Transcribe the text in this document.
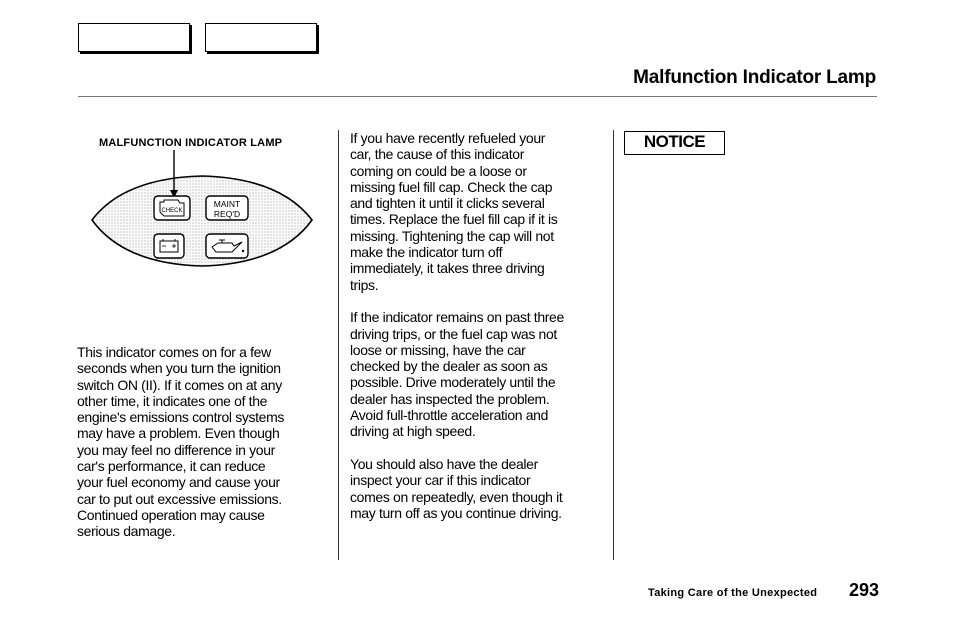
Malfunction Indicator Lamp
MALFUNCTION INDICATOR LAMP
CHECK
MAINT
REQ'D
This indicator comes on for a few
seconds when you turn the ignition
switch ON (II). If it comes on at any
other time, it indicates one of the
engine's emissions control systems
may have a problem. Even though
you may feel no difference in your
car's performance, it can reduce
your fuel economy and cause your
car to put out excessive emissions.
Continued operation may cause
serious damage.
If you have recently refueled your
car, the cause of this indicator
coming on could be a loose or
missing fuel fill cap. Check the cap
and tighten it until it clicks several
times. Replace the fuel fill cap if it is
missing. Tightening the cap will not
make the indicator turn off
immediately, it takes three driving
trips.
If the indicator remains on past three
driving trips, or the fuel cap was not
loose or missing, have the car
checked by the dealer as soon as
possible. Drive moderately until the
dealer has inspected the problem.
Avoid full-throttle acceleration and
driving at high speed.
You should also have the dealer
inspect your car if this indicator
comes on repeatedly, even though it
may turn off as you continue driving.
NOTICE
Taking Care of the Unexpected 293
